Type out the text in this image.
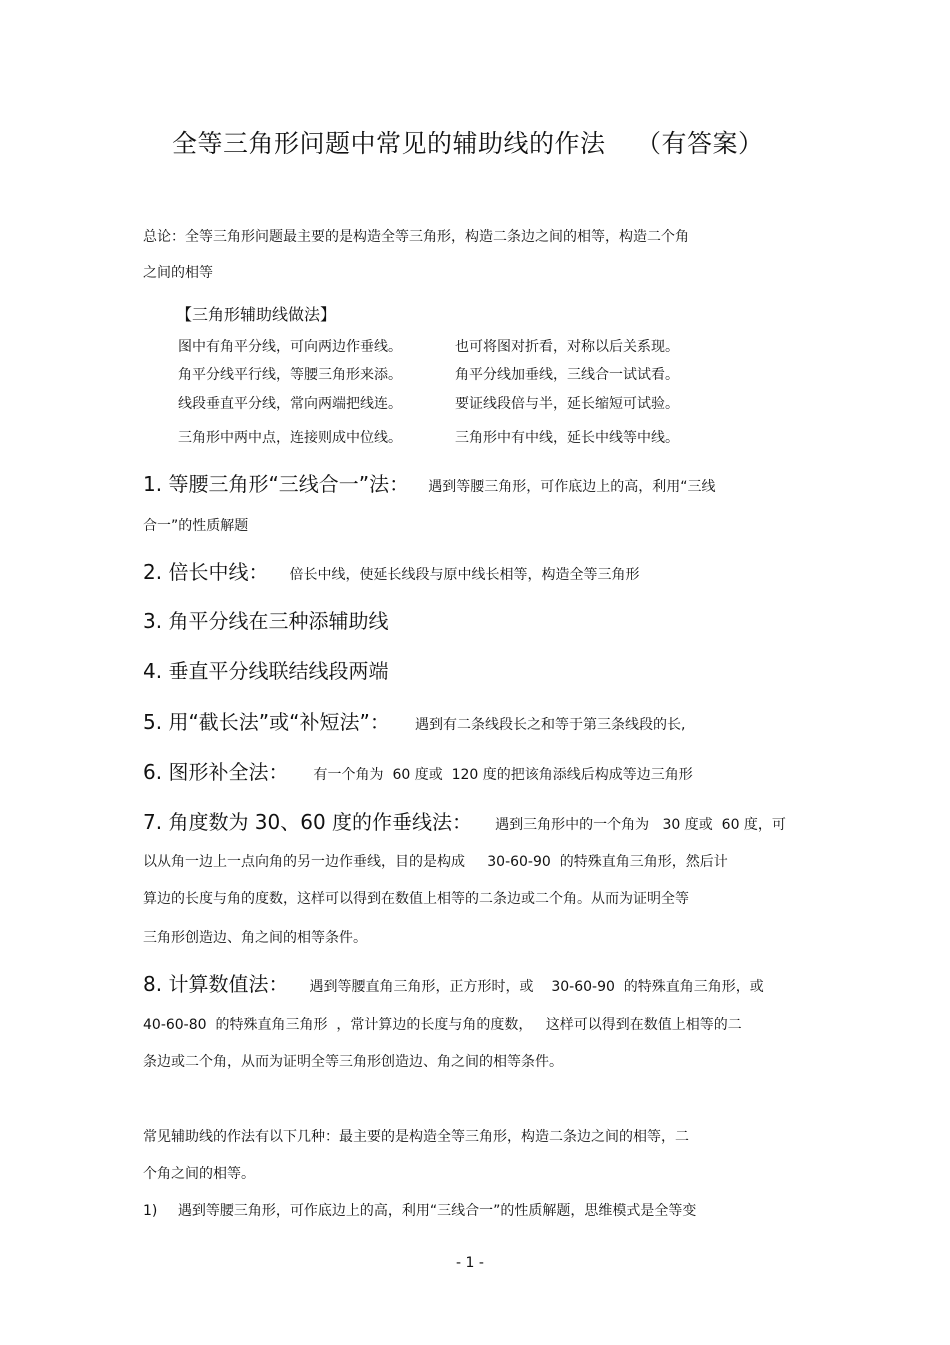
全等三角形问题中常见的辅助线的作法 （有答案）
总论：全等三角形问题最主要的是构造全等三角形，构造二条边之间的相等，构造二个角
之间的相等
【三角形辅助线做法】
图中有角平分线，可向两边作垂线。	也可将图对折看，对称以后关系现。
角平分线平行线，等腰三角形来添。	角平分线加垂线，三线合一试试看。
线段垂直平分线，常向两端把线连。	要证线段倍与半，延长缩短可试验。
三角形中两中点，连接则成中位线。	三角形中有中线，延长中线等中线。
1. 等腰三角形“三线合一”法： 遇到等腰三角形，可作底边上的高，利用“三线
合一”的性质解题
2. 倍长中线： 倍长中线，使延长线段与原中线长相等，构造全等三角形
3. 角平分线在三种添辅助线
4. 垂直平分线联结线段两端
5. 用“截长法”或“补短法”： 遇到有二条线段长之和等于第三条线段的长,
6. 图形补全法： 有一个角为  60 度或  120 度的把该角添线后构成等边三角形
7. 角度数为 30、60 度的作垂线法： 遇到三角形中的一个角为   30 度或  60 度，可
以从角一边上一点向角的另一边作垂线，目的是构成     30-60-90  的特殊直角三角形，然后计
算边的长度与角的度数，这样可以得到在数值上相等的二条边或二个角。从而为证明全等
三角形创造边、角之间的相等条件。
8. 计算数值法： 遇到等腰直角三角形，正方形时，或    30-60-90  的特殊直角三角形，或
40-60-80  的特殊直角三角形  ，常计算边的长度与角的度数，   这样可以得到在数值上相等的二
条边或二个角，从而为证明全等三角形创造边、角之间的相等条件。
常见辅助线的作法有以下几种：最主要的是构造全等三角形，构造二条边之间的相等，二
个角之间的相等。
1) 遇到等腰三角形，可作底边上的高，利用“三线合一”的性质解题，思维模式是全等变
- 1 -
